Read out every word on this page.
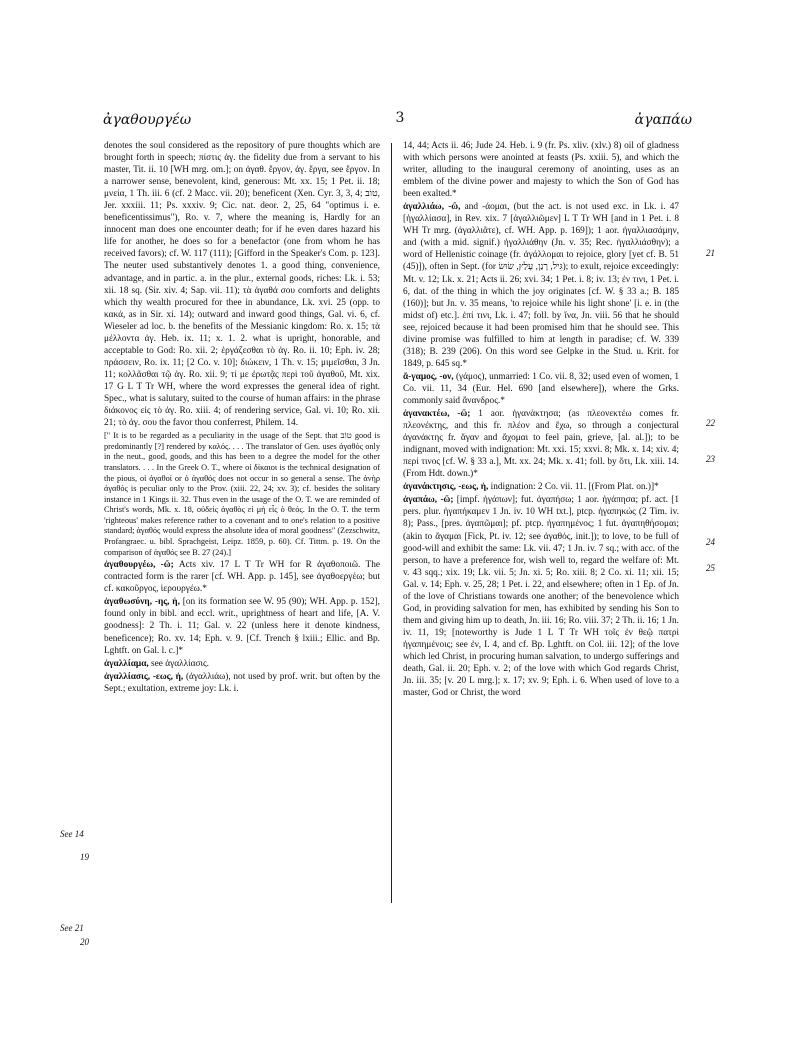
ἀγαθουργέω	3	ἀγαπάω

denotes the soul considered as the repository of pure thoughts which are brought forth in speech; πίστις ἀγ. the fidelity due from a servant to his master, Tit. ii. 10 [WH mrg. om.]; on ἀγαθ. ἔργον, ἀγ. ἔργα, see ἔργον. In a narrower sense, benevolent, kind, generous: Mt. xx. 15; 1 Pet. ii. 18; μνεία, 1 Th. iii. 6 (cf. 2 Macc. vii. 20); beneficent (Xen. Cyr. 3, 3, 4; טוֹב, Jer. xxxiii. 11; Ps. xxxiv. 9; Cic. nat. deor. 2, 25, 64 "optimus i. e. beneficentissimus"), Ro. v. 7, where the meaning is, Hardly for an innocent man does one encounter death; for if he even dares hazard his life for another, he does so for a benefactor (one from whom he has received favors); cf. W. 117 (111); [Gifford in the Speaker's Com. p. 123]. The neuter used substantively denotes 1. a good thing, convenience, advantage, and in partic. a. in the plur., external goods, riches: Lk. i. 53; xii. 18 sq. (Sir. xiv. 4; Sap. vii. 11); τὰ ἀγαθά σου comforts and delights which thy wealth procured for thee in abundance, Lk. xvi. 25 (opp. to κακά, as in Sir. xi. 14); outward and inward good things, Gal. vi. 6, cf. Wieseler ad loc. b. the benefits of the Messianic kingdom: Ro. x. 15; τὰ μέλλοντα ἀγ. Heb. ix. 11; x. 1. 2. what is upright, honorable, and acceptable to God: Ro. xii. 2; ἐργάζεσθαι τὸ ἀγ. Ro. ii. 10; Eph. iv. 28; πράσσειν, Ro. ix. 11; [2 Co. v. 10]; διώκειν, 1 Th. v. 15; μιμεῖσθαι, 3 Jn. 11; κολλᾶσθαι τῷ ἀγ. Ro. xii. 9; τί με ἐρωτᾷς περὶ τοῦ ἀγαθοῦ, Mt. xix. 17 G L T Tr WH, where the word expresses the general idea of right. Spec., what is salutary, suited to the course of human affairs: in the phrase διάκονος εἰς τὸ ἀγ. Ro. xiii. 4; of rendering service, Gal. vi. 10; Ro. xii. 21; τὸ ἀγ. σου the favor thou conferrest, Philem. 14.

[" It is to be regarded as a peculiarity in the usage of the Sept. that טוֹב good is predominantly [?] rendered by καλός. . . . The translator of Gen. uses ἀγαθός only in the neut., good, goods, and this has been to a degree the model for the other translators. . . . In the Greek O. T., where οἱ δίκαιοι is the technical designation of the pious, οἱ ἀγαθοί or ὁ ἀγαθός does not occur in so general a sense. The ἀνὴρ ἀγαθός is peculiar only to the Prov. (xiii. 22, 24; xv. 3); cf. besides the solitary instance in 1 Kings ii. 32. Thus even in the usage of the O. T. we are reminded of Christ's words, Mk. x. 18, οὐδεὶς ἀγαθὸς εἰ μὴ εἷς ὁ θεός. In the O. T. the term 'righteous' makes reference rather to a covenant and to one's relation to a positive standard; ἀγαθός would express the absolute idea of moral goodness" (Zezschwitz, Profangraec. u. bibl. Sprachgeist, Leipz. 1859, p. 60). Cf. Tittm. p. 19. On the comparison of ἀγαθός see B. 27 (24).]

ἀγαθουργέω, -ῶ; Acts xiv. 17 L T Tr WH for R ἀγαθοποιῶ. The contracted form is the rarer [cf. WH. App. p. 145], see ἀγαθοεργέω; but cf. κακοῦργος, ἱερουργέω.*

ἀγαθωσύνη, -ης, ἡ, [on its formation see W. 95 (90); WH. App. p. 152], found only in bibl. and eccl. writ., uprightness of heart and life, [A. V. goodness]: 2 Th. i. 11; Gal. v. 22 (unless here it denote kindness, beneficence); Ro. xv. 14; Eph. v. 9. [Cf. Trench § lxiii.; Ellic. and Bp. Lghtft. on Gal. l. c.]*

ἀγαλλίαμα, see ἀγαλλίασις.

ἀγαλλίασις, -εως, ἡ, (ἀγαλλιάω), not used by prof. writ. but often by the Sept.; exultation, extreme joy: Lk. i.

14, 44; Acts ii. 46; Jude 24. Heb. i. 9 (fr. Ps. xliv. (xlv.) 8) oil of gladness with which persons were anointed at feasts (Ps. xxiii. 5), and which the writer, alluding to the inaugural ceremony of anointing, uses as an emblem of the divine power and majesty to which the Son of God has been exalted.*

ἀγαλλιάω, -ῶ, and -άομαι, (but the act. is not used exc. in Lk. i. 47 [ἠγαλλίασα], in Rev. xix. 7 [ἀγαλλιῶμεν] L T Tr WH [and in 1 Pet. i. 8 WH Tr mrg. (ἀγαλλιᾶτε), cf. WH. App. p. 169]); 1 aor. ἠγαλλιασάμην, and (with a mid. signif.) ἠγαλλιάθην (Jn. v. 35; Rec. ἠγαλλιάσθην); a word of Hellenistic coinage (fr. ἀγάλλομαι to rejoice, glory [yet cf. B. 51 (45)]), often in Sept. (for גִּיל, רָנַן, עָלַץ, שׂוּשׂ); to exult, rejoice exceedingly: Mt. v. 12; Lk. x. 21; Acts ii. 26; xvi. 34; 1 Pet. i. 8; iv. 13; ἐν τινι, 1 Pet. i. 6, dat. of the thing in which the joy originates [cf. W. § 33 a.; B. 185 (160)]; but Jn. v. 35 means, 'to rejoice while his light shone' [i. e. in (the midst of) etc.]. ἐπί τινι, Lk. i. 47; foll. by ἵνα, Jn. viii. 56 that he should see, rejoiced because it had been promised him that he should see. This divine promise was fulfilled to him at length in paradise; cf. W. 339 (318); B. 239 (206). On this word see Gelpke in the Stud. u. Krit. for 1849, p. 645 sq.*

ἄ-γαμος, -ον, (γάμος), unmarried: 1 Co. vii. 8, 32; used even of women, 1 Co. vii. 11, 34 (Eur. Hel. 690 [and elsewhere]), where the Grks. commonly said ἄνανδρος.*

ἀγανακτέω, -ῶ; 1 aor. ἠγανάκτησα; (as πλεονεκτέω comes fr. πλεονέκτης, and this fr. πλέον and ἔχω, so through a conjectural ἀγανάκτης fr. ἄγαν and ἄχομαι to feel pain, grieve, [al. al.]); to be indignant, moved with indignation: Mt. xxi. 15; xxvi. 8; Mk. x. 14; xiv. 4; περί τινος [cf. W. § 33 a.], Mt. xx. 24; Mk. x. 41; foll. by ὅτι, Lk. xiii. 14. (From Hdt. down.)*

ἀγανάκτησις, -εως, ἡ, indignation: 2 Co. vii. 11. [(From Plat. on.)]*

ἀγαπάω, -ῶ; [impf. ἠγάπων]; fut. ἀγαπήσω; 1 aor. ἠγάπησα; pf. act. [1 pers. plur. ἠγαπήκαμεν 1 Jn. iv. 10 WH txt.], ptcp. ἠγαπηκώς (2 Tim. iv. 8); Pass., [pres. ἀγαπῶμαι]; pf. ptcp. ἠγαπημένος; 1 fut. ἀγαπηθήσομαι; (akin to ἄγαμαι [Fick, Pt. iv. 12; see ἀγαθός, init.]); to love, to be full of good-will and exhibit the same: Lk. vii. 47; 1 Jn. iv. 7 sq.; with acc. of the person, to have a preference for, wish well to, regard the welfare of: Mt. v. 43 sqq.; xix. 19; Lk. vii. 5; Jn. xi. 5; Ro. xiii. 8; 2 Co. xi. 11; xii. 15; Gal. v. 14; Eph. v. 25, 28; 1 Pet. i. 22, and elsewhere; often in 1 Ep. of Jn. of the love of Christians towards one another; of the benevolence which God, in providing salvation for men, has exhibited by sending his Son to them and giving him up to death, Jn. iii. 16; Ro. viii. 37; 2 Th. ii. 16; 1 Jn. iv. 11, 19; [noteworthy is Jude 1 L T Tr WH τοῖς ἐν θεῷ πατρὶ ἠγαπημένοις; see ἐν, I. 4, and cf. Bp. Lghtft. on Col. iii. 12]; of the love which led Christ, in procuring human salvation, to undergo sufferings and death, Gal. ii. 20; Eph. v. 2; of the love with which God regards Christ, Jn. iii. 35; [v. 20 L mrg.]; x. 17; xv. 9; Eph. i. 6. When used of love to a master, God or Christ, the word

See 14
19
See 21
20
21
22
23
24
25
